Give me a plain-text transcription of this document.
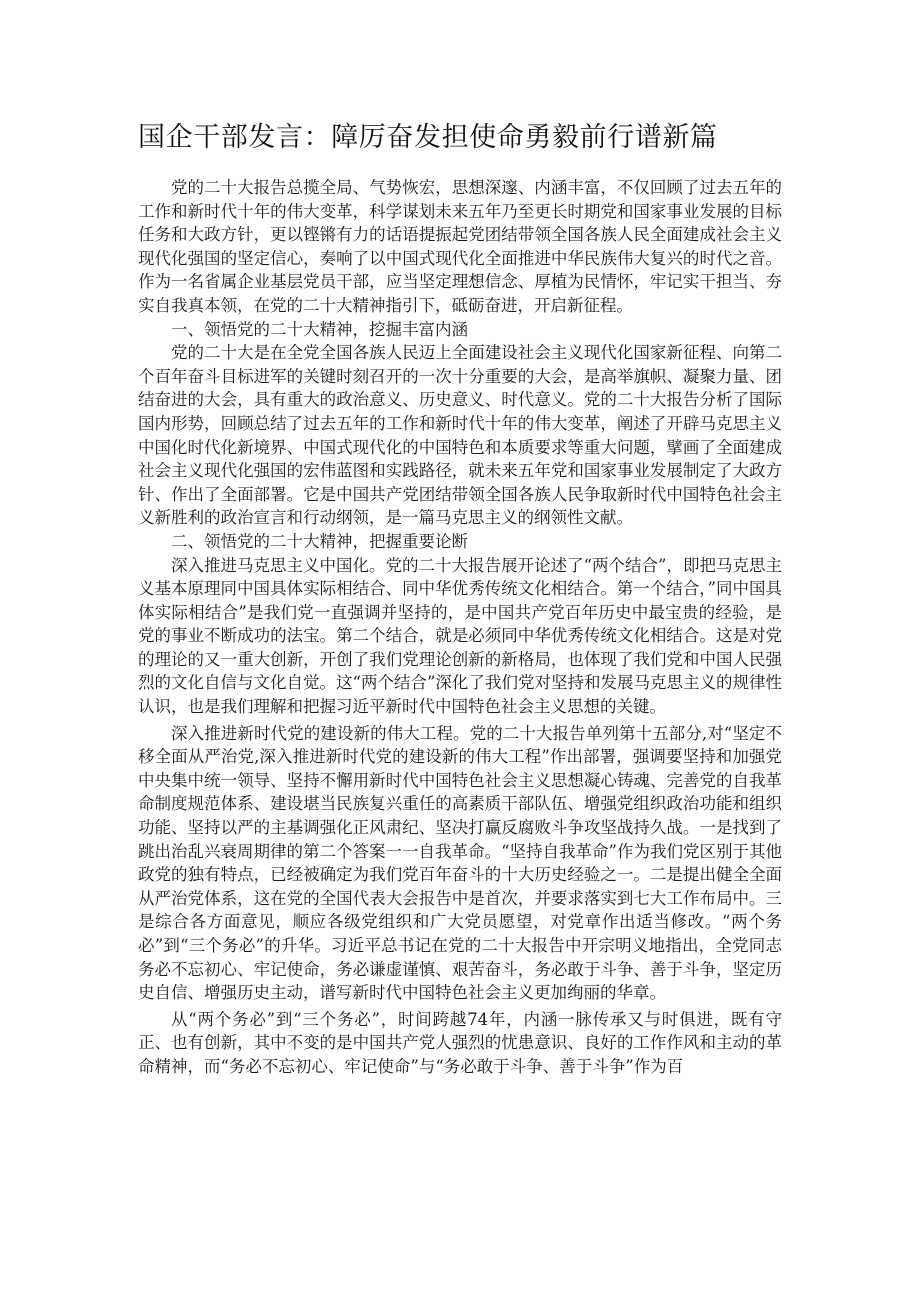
国企干部发言：障厉奋发担使命勇毅前行谱新篇

党的二十大报告总揽全局、气势恢宏，思想深邃、内涵丰富，不仅回顾了过去五年的工作和新时代十年的伟大变革，科学谋划未来五年乃至更长时期党和国家事业发展的目标任务和大政方针，更以铿锵有力的话语提振起党团结带领全国各族人民全面建成社会主义现代化强国的坚定信心，奏响了以中国式现代化全面推进中华民族伟大复兴的时代之音。作为一名省属企业基层党员干部，应当坚定理想信念、厚植为民情怀，牢记实干担当、夯实自我真本领，在党的二十大精神指引下，砥砺奋进，开启新征程。

一、领悟党的二十大精神，挖掘丰富内涵

党的二十大是在全党全国各族人民迈上全面建设社会主义现代化国家新征程、向第二个百年奋斗目标进军的关键时刻召开的一次十分重要的大会，是高举旗帜、凝聚力量、团结奋进的大会，具有重大的政治意义、历史意义、时代意义。党的二十大报告分析了国际国内形势，回顾总结了过去五年的工作和新时代十年的伟大变革，阐述了开辟马克思主义中国化时代化新境界、中国式现代化的中国特色和本质要求等重大问题，擘画了全面建成社会主义现代化强国的宏伟蓝图和实践路径，就未来五年党和国家事业发展制定了大政方针、作出了全面部署。它是中国共产党团结带领全国各族人民争取新时代中国特色社会主义新胜利的政治宣言和行动纲领，是一篇马克思主义的纲领性文献。

二、领悟党的二十大精神，把握重要论断

深入推进马克思主义中国化。党的二十大报告展开论述了“两个结合”，即把马克思主义基本原理同中国具体实际相结合、同中华优秀传统文化相结合。第一个结合，”同中国具体实际相结合”是我们党一直强调并坚持的，是中国共产党百年历史中最宝贵的经验，是党的事业不断成功的法宝。第二个结合，就是必须同中华优秀传统文化相结合。这是对党的理论的又一重大创新，开创了我们党理论创新的新格局，也体现了我们党和中国人民强烈的文化自信与文化自觉。这“两个结合”深化了我们党对坚持和发展马克思主义的规律性认识，也是我们理解和把握习近平新时代中国特色社会主义思想的关键。

深入推进新时代党的建设新的伟大工程。党的二十大报告单列第十五部分,对“坚定不移全面从严治党,深入推进新时代党的建设新的伟大工程”作出部署，强调要坚持和加强党中央集中统一领导、坚持不懈用新时代中国特色社会主义思想凝心铸魂、完善党的自我革命制度规范体系、建设堪当民族复兴重任的高素质干部队伍、增强党组织政治功能和组织功能、坚持以严的主基调强化正风肃纪、坚决打赢反腐败斗争攻坚战持久战。一是找到了跳出治乱兴衰周期律的第二个答案一一自我革命。“坚持自我革命”作为我们党区别于其他政党的独有特点，已经被确定为我们党百年奋斗的十大历史经验之一。二是提出健全全面从严治党体系，这在党的全国代表大会报告中是首次，并要求落实到七大工作布局中。三是综合各方面意见，顺应各级党组织和广大党员愿望，对党章作出适当修改。“两个务必”到“三个务必”的升华。习近平总书记在党的二十大报告中开宗明义地指出，全党同志务必不忘初心、牢记使命，务必谦虚谨慎、艰苦奋斗，务必敢于斗争、善于斗争，坚定历史自信、增强历史主动，谱写新时代中国特色社会主义更加绚丽的华章。

从“两个务必”到“三个务必”，时间跨越74年，内涵一脉传承又与时俱进，既有守正、也有创新，其中不变的是中国共产党人强烈的忧患意识、良好的工作作风和主动的革命精神，而“务必不忘初心、牢记使命”与“务必敢于斗争、善于斗争”作为百
